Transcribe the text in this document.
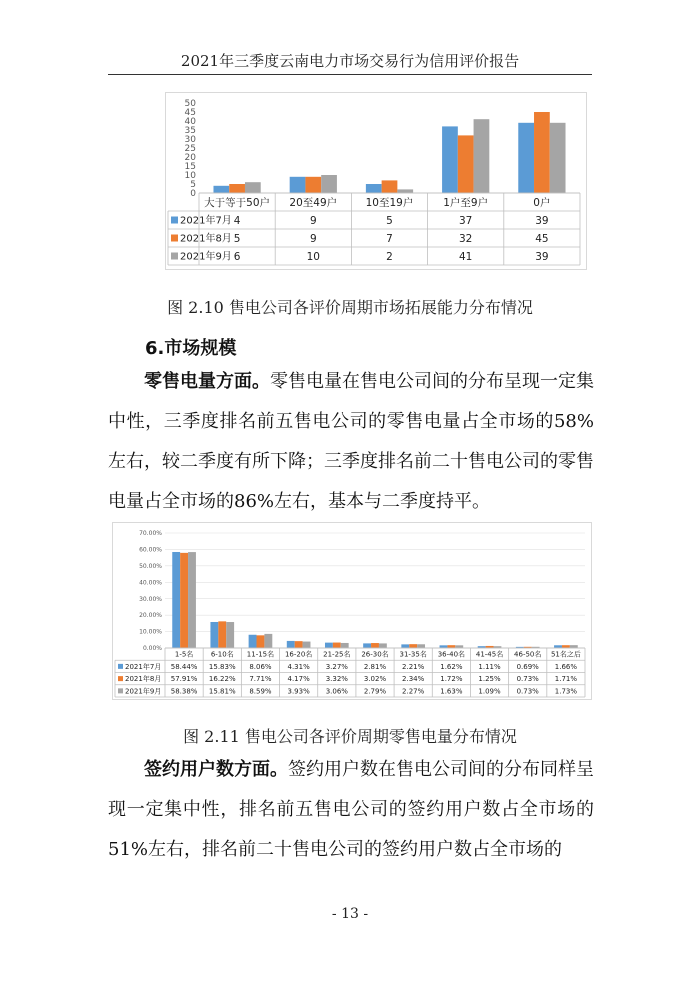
2021年三季度云南电力市场交易行为信用评价报告
0
5
10
15
20
25
30
35
40
45
50
大于等于50户 20至49户	10至19户	1户至9户	0户
2021年7月 4	9	5	37	39
2021年8月 5	9	7	32	45
2021年9月 6	10	2	41	39
图 2.10 售电公司各评价周期市场拓展能力分布情况
6.市场规模
零售电量方面。零售电量在售电公司间的分布呈现一定集中性，三季度排名前五售电公司的零售电量占全市场的58%左右，较二季度有所下降；三季度排名前二十售电公司的零售电量占全市场的86%左右，基本与二季度持平。
0.00%
10.00%
20.00%
30.00%
40.00%
50.00%
60.00%
70.00%
1-5名	6-10名 11-15名 16-20名 21-25名 26-30名 31-35名 36-40名 41-45名 46-50名 51名之后
2021年7月 58.44% 15.83% 8.06% 4.31% 3.27% 2.81% 2.21% 1.62% 1.11% 0.69% 1.66%
2021年8月 57.91% 16.22% 7.71% 4.17% 3.32% 3.02% 2.34% 1.72% 1.25% 0.73% 1.71%
2021年9月 58.38% 15.81% 8.59% 3.93% 3.06% 2.79% 2.27% 1.63% 1.09% 0.73% 1.73%
图 2.11 售电公司各评价周期零售电量分布情况
签约用户数方面。签约用户数在售电公司间的分布同样呈现一定集中性，排名前五售电公司的签约用户数占全市场的51%左右，排名前二十售电公司的签约用户数占全市场的
- 13 -
